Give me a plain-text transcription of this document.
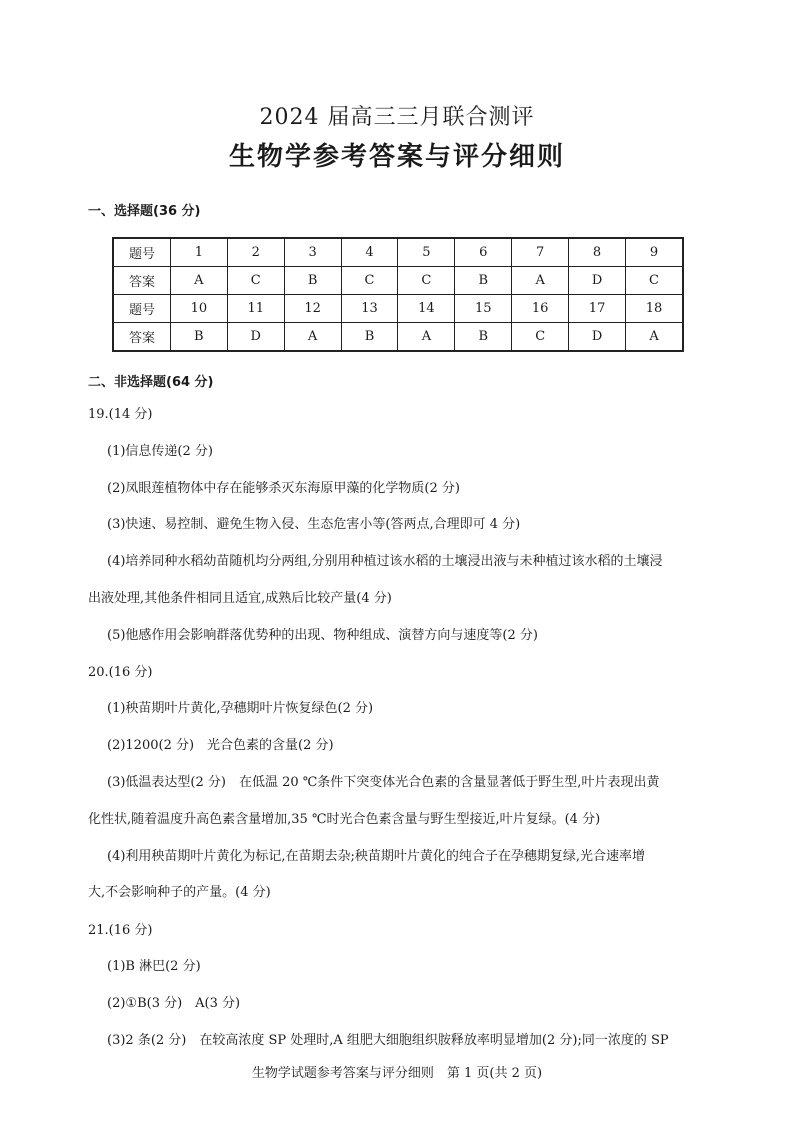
2024 届高三三月联合测评
生物学参考答案与评分细则
一、选择题(36 分)
题号	1	2	3	4	5	6	7	8	9
答案	A	C	B	C	C	B	A	D	C
题号	10	11	12	13	14	15	16	17	18
答案	B	D	A	B	A	B	C	D	A
二、非选择题(64 分)
19.(14 分)
(1)信息传递(2 分)
(2)凤眼莲植物体中存在能够杀灭东海原甲藻的化学物质(2 分)
(3)快速、易控制、避免生物入侵、生态危害小等(答两点,合理即可 4 分)
(4)培养同种水稻幼苗随机均分两组,分别用种植过该水稻的土壤浸出液与未种植过该水稻的土壤浸
出液处理,其他条件相同且适宜,成熟后比较产量(4 分)
(5)他感作用会影响群落优势种的出现、物种组成、演替方向与速度等(2 分)
20.(16 分)
(1)秧苗期叶片黄化,孕穗期叶片恢复绿色(2 分)
(2)1200(2 分)　光合色素的含量(2 分)
(3)低温表达型(2 分)　在低温 20 ℃条件下突变体光合色素的含量显著低于野生型,叶片表现出黄
化性状,随着温度升高色素含量增加,35 ℃时光合色素含量与野生型接近,叶片复绿。(4 分)
(4)利用秧苗期叶片黄化为标记,在苗期去杂;秧苗期叶片黄化的纯合子在孕穗期复绿,光合速率增
大,不会影响种子的产量。(4 分)
21.(16 分)
(1)B 淋巴(2 分)
(2)①B(3 分)　A(3 分)
(3)2 条(2 分)　在较高浓度 SP 处理时,A 组肥大细胞组织胺释放率明显增加(2 分);同一浓度的 SP
生物学试题参考答案与评分细则　第 1 页(共 2 页)
